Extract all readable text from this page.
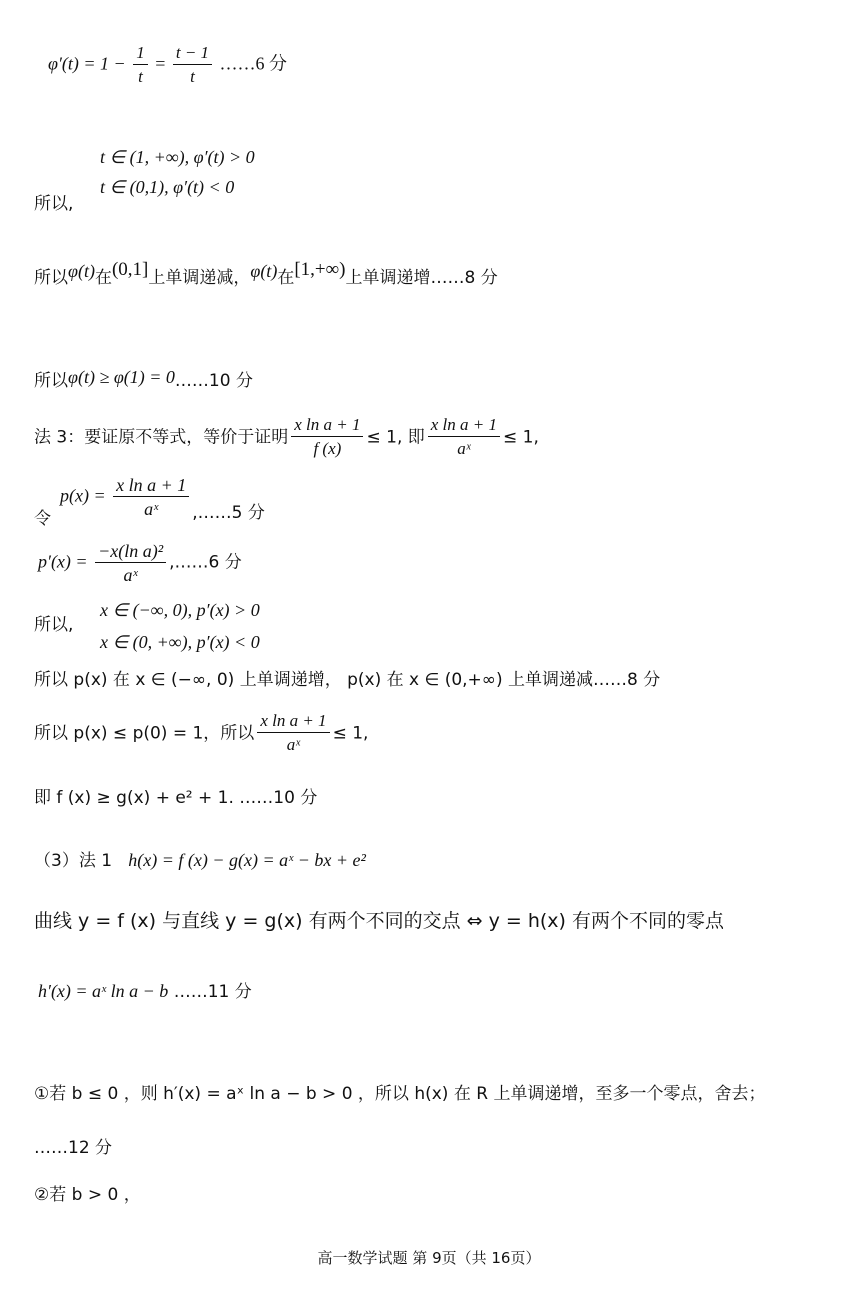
$\varphi'(t) = 1 - \frac{1}{t} = \frac{t - 1}{t}$ ……6 分
t ∈ (1, +∞), φ′(t) > 0
t ∈ (0,1), φ′(t) < 0
所以,
所以φ(t)在(0,1]上单调递减，φ(t)在[1,+∞)上单调递增……8 分
所以φ(t) ≥ φ(1) = 0……10 分
法 3：要证原不等式，等价于证明 $\frac{\text{x ln a + 1}}{f (x)} \le 1$, 即 $\frac{\text{x ln a + 1}}{\text{aˣ}} \le 1$,
令
$p(x) = \frac{\text{x ln a + 1}}{\text{aˣ}}$ ,……5 分
$p'(x) = \frac{\text{−x(ln a)²}}{\text{aˣ}}$ ,……6 分
x ∈ (−∞, 0), p′(x) > 0
x ∈ (0, +∞), p′(x) < 0
所以,
所以 p(x) 在 x ∈ (−∞, 0) 上单调递增， p(x) 在 x ∈ (0,+∞) 上单调递减……8 分
所以 p(x) ≤ p(0) = 1，所以 $\frac{\text{x ln a + 1}}{\text{aˣ}} \le 1$,
即 f (x) ≥ g(x) + e² + 1. ……10 分
（3）法 1 h(x) = f (x) − g(x) = aˣ − bx + e²
曲线 y = f (x) 与直线 y = g(x) 有两个不同的交点 ⇔ y = h(x) 有两个不同的零点
h′(x) = aˣ ln a − b ……11 分
①若 b ≤ 0 ，则 h′(x) = aˣ ln a − b > 0 ，所以 h(x) 在 R 上单调递增，至多一个零点，舍去；
……12 分
②若 b > 0 ，
高一数学试题 第 9页（共 16页）
